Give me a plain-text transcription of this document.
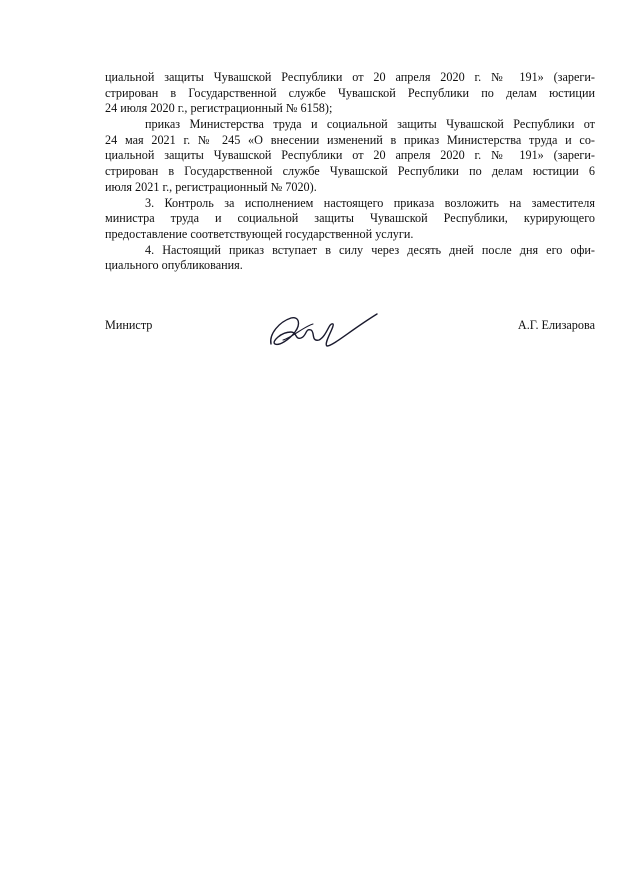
циальной защиты Чувашской Республики от 20 апреля 2020 г. № 191» (зареги-
стрирован в Государственной службе Чувашской Республики по делам юстиции
24 июля 2020 г., регистрационный № 6158);
приказ Министерства труда и социальной защиты Чувашской Республики от
24 мая 2021 г. № 245 «О внесении изменений в приказ Министерства труда и со-
циальной защиты Чувашской Республики от 20 апреля 2020 г. № 191» (зареги-
стрирован в Государственной службе Чувашской Республики по делам юстиции 6
июля 2021 г., регистрационный № 7020).
3. Контроль за исполнением настоящего приказа возложить на заместителя
министра труда и социальной защиты Чувашской Республики, курирующего
предоставление соответствующей государственной услуги.
4. Настоящий приказ вступает в силу через десять дней после дня его офи-
циального опубликования.
Министр	А.Г. Елизарова
